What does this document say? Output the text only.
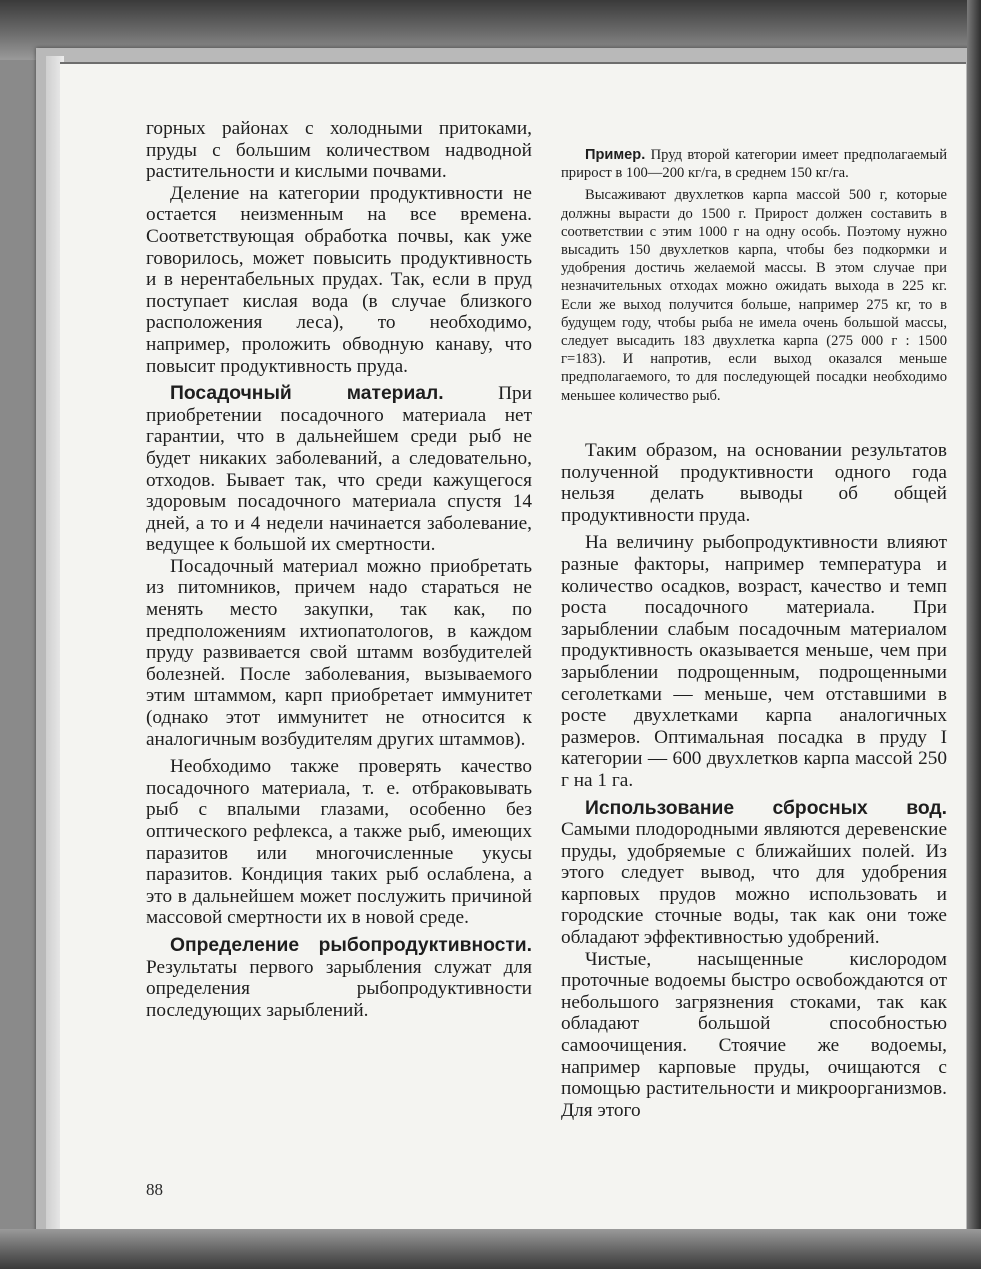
горных районах с холодными притоками, пруды с большим количеством надводной растительности и кислыми почвами.

Деление на категории продуктивности не остается неизменным на все времена. Соответствующая обработка почвы, как уже говорилось, может повысить продуктивность и в нерентабельных прудах. Так, если в пруд поступает кислая вода (в случае близкого расположения леса), то необходимо, например, проложить обводную канаву, что повысит продуктивность пруда.

Посадочный материал. При приобретении посадочного материала нет гарантии, что в дальнейшем среди рыб не будет никаких заболеваний, а следовательно, отходов. Бывает так, что среди кажущегося здоровым посадочного материала спустя 14 дней, а то и 4 недели начинается заболевание, ведущее к большой их смертности.

Посадочный материал можно приобретать из питомников, причем надо стараться не менять место закупки, так как, по предположениям ихтиопатологов, в каждом пруду развивается свой штамм возбудителей болезней. После заболевания, вызываемого этим штаммом, карп приобретает иммунитет (однако этот иммунитет не относится к аналогичным возбудителям других штаммов).

Необходимо также проверять качество посадочного материала, т. е. отбраковывать рыб с впалыми глазами, особенно без оптического рефлекса, а также рыб, имеющих паразитов или многочисленные укусы паразитов. Кондиция таких рыб ослаблена, а это в дальнейшем может послужить причиной массовой смертности их в новой среде.

Определение рыбопродуктивности. Результаты первого зарыбления служат для определения рыбопродуктивности последующих зарыблений.

Пример. Пруд второй категории имеет предполагаемый прирост в 100—200 кг/га, в среднем 150 кг/га.

Высаживают двухлетков карпа массой 500 г, которые должны вырасти до 1500 г. Прирост должен составить в соответствии с этим 1000 г на одну особь. Поэтому нужно высадить 150 двухлетков карпа, чтобы без подкормки и удобрения достичь желаемой массы. В этом случае при незначительных отходах можно ожидать выхода в 225 кг. Если же выход получится больше, например 275 кг, то в будущем году, чтобы рыба не имела очень большой массы, следует высадить 183 двухлетка карпа (275 000 г : 1500 г=183). И напротив, если выход оказался меньше предполагаемого, то для последующей посадки необходимо меньшее количество рыб.

Таким образом, на основании результатов полученной продуктивности одного года нельзя делать выводы об общей продуктивности пруда.

На величину рыбопродуктивности влияют разные факторы, например температура и количество осадков, возраст, качество и темп роста посадочного материала. При зарыблении слабым посадочным материалом продуктивность оказывается меньше, чем при зарыблении подрощенным, подрощенными сеголетками — меньше, чем отставшими в росте двухлетками карпа аналогичных размеров. Оптимальная посадка в пруду I категории — 600 двухлетков карпа массой 250 г на 1 га.

Использование сбросных вод. Самыми плодородными являются деревенские пруды, удобряемые с ближайших полей. Из этого следует вывод, что для удобрения карповых прудов можно использовать и городские сточные воды, так как они тоже обладают эффективностью удобрений.

Чистые, насыщенные кислородом проточные водоемы быстро освобождаются от небольшого загрязнения стоками, так как обладают большой способностью самоочищения. Стоячие же водоемы, например карповые пруды, очищаются с помощью растительности и микроорганизмов. Для этого

88
